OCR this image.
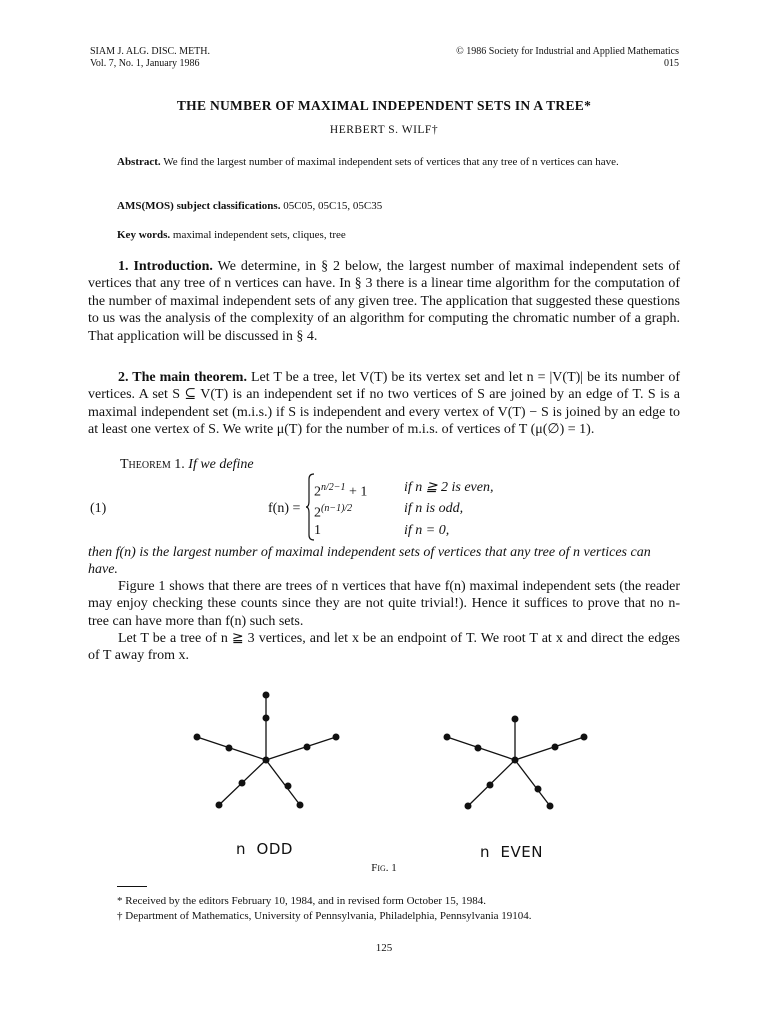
SIAM J. ALG. DISC. METH.
Vol. 7, No. 1, January 1986
© 1986 Society for Industrial and Applied Mathematics
015
THE NUMBER OF MAXIMAL INDEPENDENT SETS IN A TREE*
HERBERT S. WILF†
Abstract. We find the largest number of maximal independent sets of vertices that any tree of n vertices can have.
AMS(MOS) subject classifications. 05C05, 05C15, 05C35
Key words. maximal independent sets, cliques, tree
1. Introduction. We determine, in § 2 below, the largest number of maximal independent sets of vertices that any tree of n vertices can have. In § 3 there is a linear time algorithm for the computation of the number of maximal independent sets of any given tree. The application that suggested these questions to us was the analysis of the complexity of an algorithm for computing the chromatic number of a graph. That application will be discussed in § 4.
2. The main theorem. Let T be a tree, let V(T) be its vertex set and let n = |V(T)| be its number of vertices. A set S ⊆ V(T) is an independent set if no two vertices of S are joined by an edge of T. S is a maximal independent set (m.i.s.) if S is independent and every vertex of V(T) − S is joined by an edge to at least one vertex of S. We write μ(T) for the number of m.i.s. of vertices of T (μ(∅) = 1).
Theorem 1. If we define
(1)	f(n) =
$2^{n/2-1} + 1$	if n ≧ 2 is even,
$2^{(n-1)/2}$	if n is odd,
1	if n = 0,
then f(n) is the largest number of maximal independent sets of vertices that any tree of n vertices can have.
Figure 1 shows that there are trees of n vertices that have f(n) maximal independent sets (the reader may enjoy checking these counts since they are not quite trivial!). Hence it suffices to prove that no n-tree can have more than f(n) such sets.
Let T be a tree of n ≧ 3 vertices, and let x be an endpoint of T. We root T at x and direct the edges of T away from x.
n  ODD	n  EVEN
Fig. 1
* Received by the editors February 10, 1984, and in revised form October 15, 1984.
† Department of Mathematics, University of Pennsylvania, Philadelphia, Pennsylvania 19104.
125
